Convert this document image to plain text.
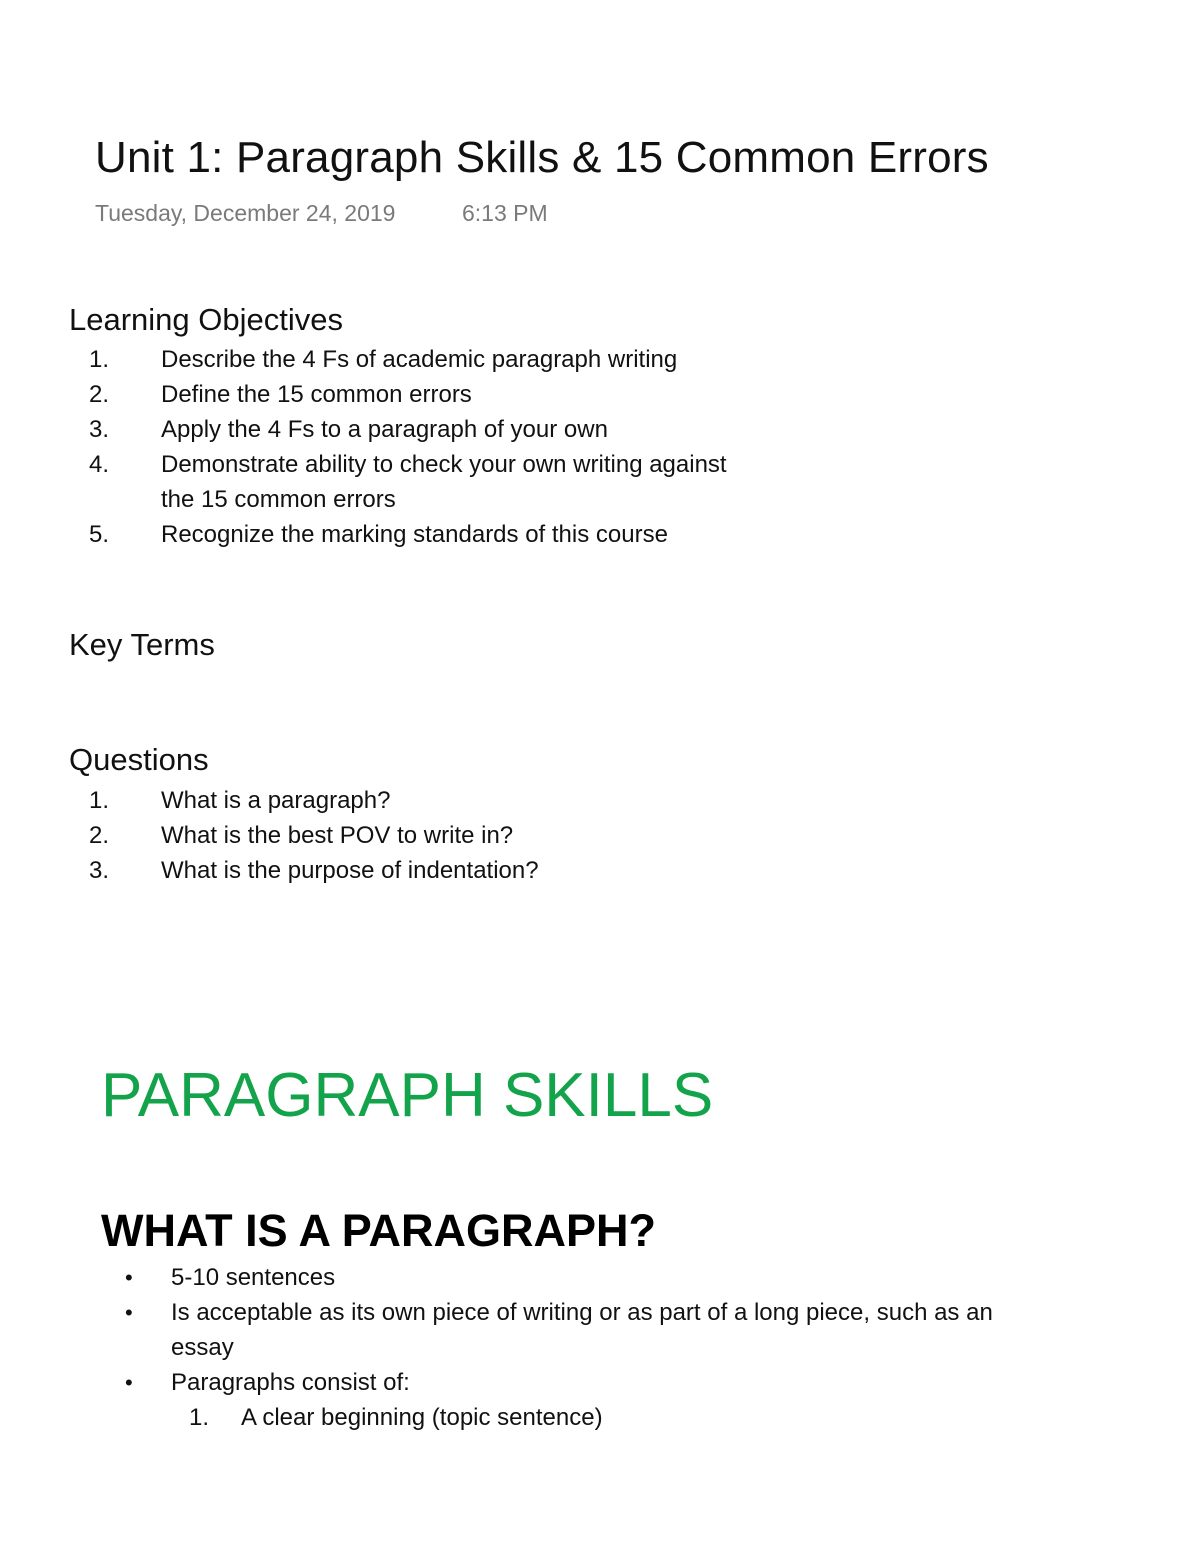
Unit 1: Paragraph Skills & 15 Common Errors
Tuesday, December 24, 2019	6:13 PM
Learning Objectives
1.	Describe the 4 Fs of academic paragraph writing
2.	Define the 15 common errors
3.	Apply the 4 Fs to a paragraph of your own
4.	Demonstrate ability to check your own writing against
the 15 common errors
5.	Recognize the marking standards of this course
Key Terms
Questions
1.	What is a paragraph?
2.	What is the best POV to write in?
3.	What is the purpose of indentation?
PARAGRAPH SKILLS
WHAT IS A PARAGRAPH?
•	5-10 sentences
•	Is acceptable as its own piece of writing or as part of a long piece, such as an
essay
•	Paragraphs consist of:
1.	A clear beginning (topic sentence)
